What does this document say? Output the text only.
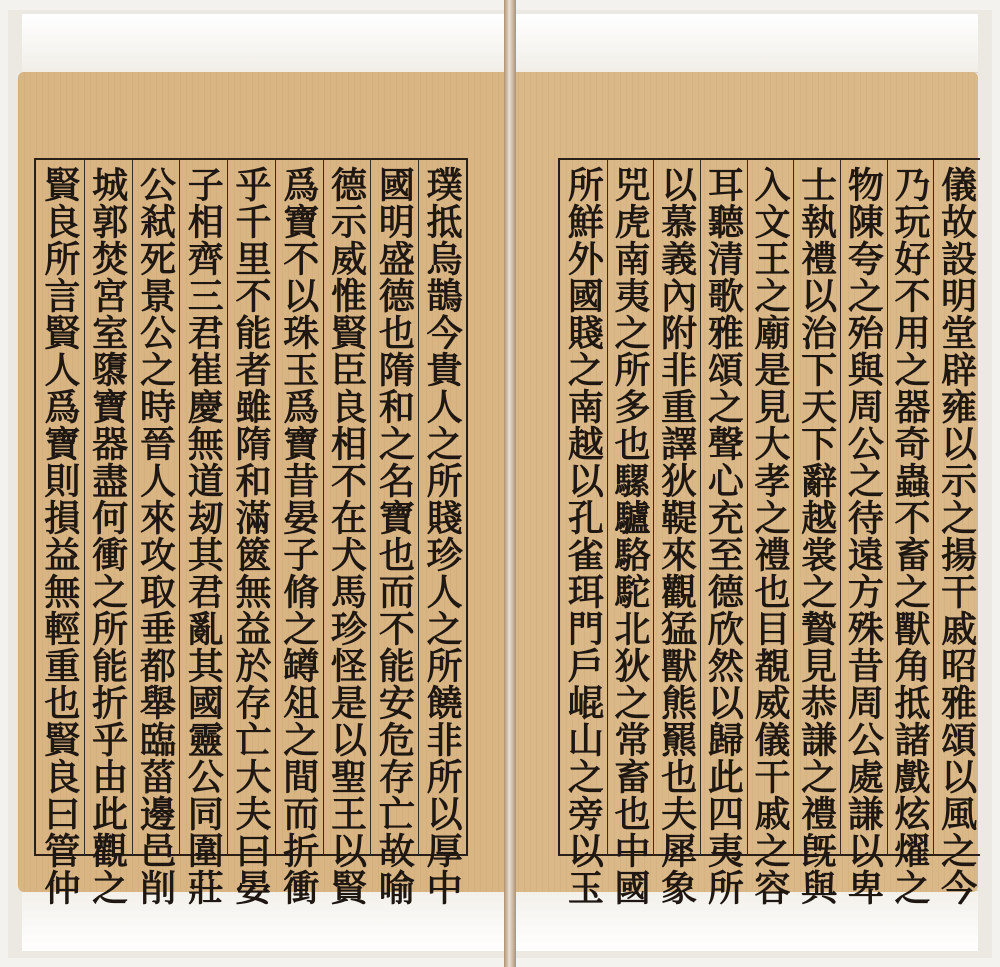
璞抵烏鵲今貴人之所賤珍人之所饒非所以厚中
國明盛德也隋和之名寶也而不能安危存亡故喻
德示威惟賢臣良相不在犬馬珍怪是以聖王以賢
爲寶不以珠玉爲寶昔晏子脩之罇俎之間而折衝
乎千里不能者雖隋和滿篋無益於存亡大夫曰晏
子相齊三君崔慶無道刼其君亂其國靈公同圍莊
公弒死景公之時晉人來攻取垂都舉臨菑邊邑削
城郭焚宮室隳寶器盡何衝之所能折乎由此觀之
賢良所言賢人爲寶則損益無輕重也賢良曰管仲	儀故設明堂辟雍以示之揚干戚昭雅頌以風之今
乃玩好不用之器奇蟲不畜之獸角抵諸戲炫燿之
物陳夸之殆與周公之待遠方殊昔周公處謙以卑
士執禮以治下天下辭越裳之贄見恭謙之禮旣與
入文王之廟是見大孝之禮也目覩威儀干戚之容
耳聽清歌雅頌之聲心充至德欣然以歸此四夷所
以慕義內附非重譯狄鞮來觀猛獸熊羆也夫犀象
兕虎南夷之所多也騾驢駱駝北狄之常畜也中國
所鮮外國賤之南越以孔雀珥門戶崐山之旁以玉
